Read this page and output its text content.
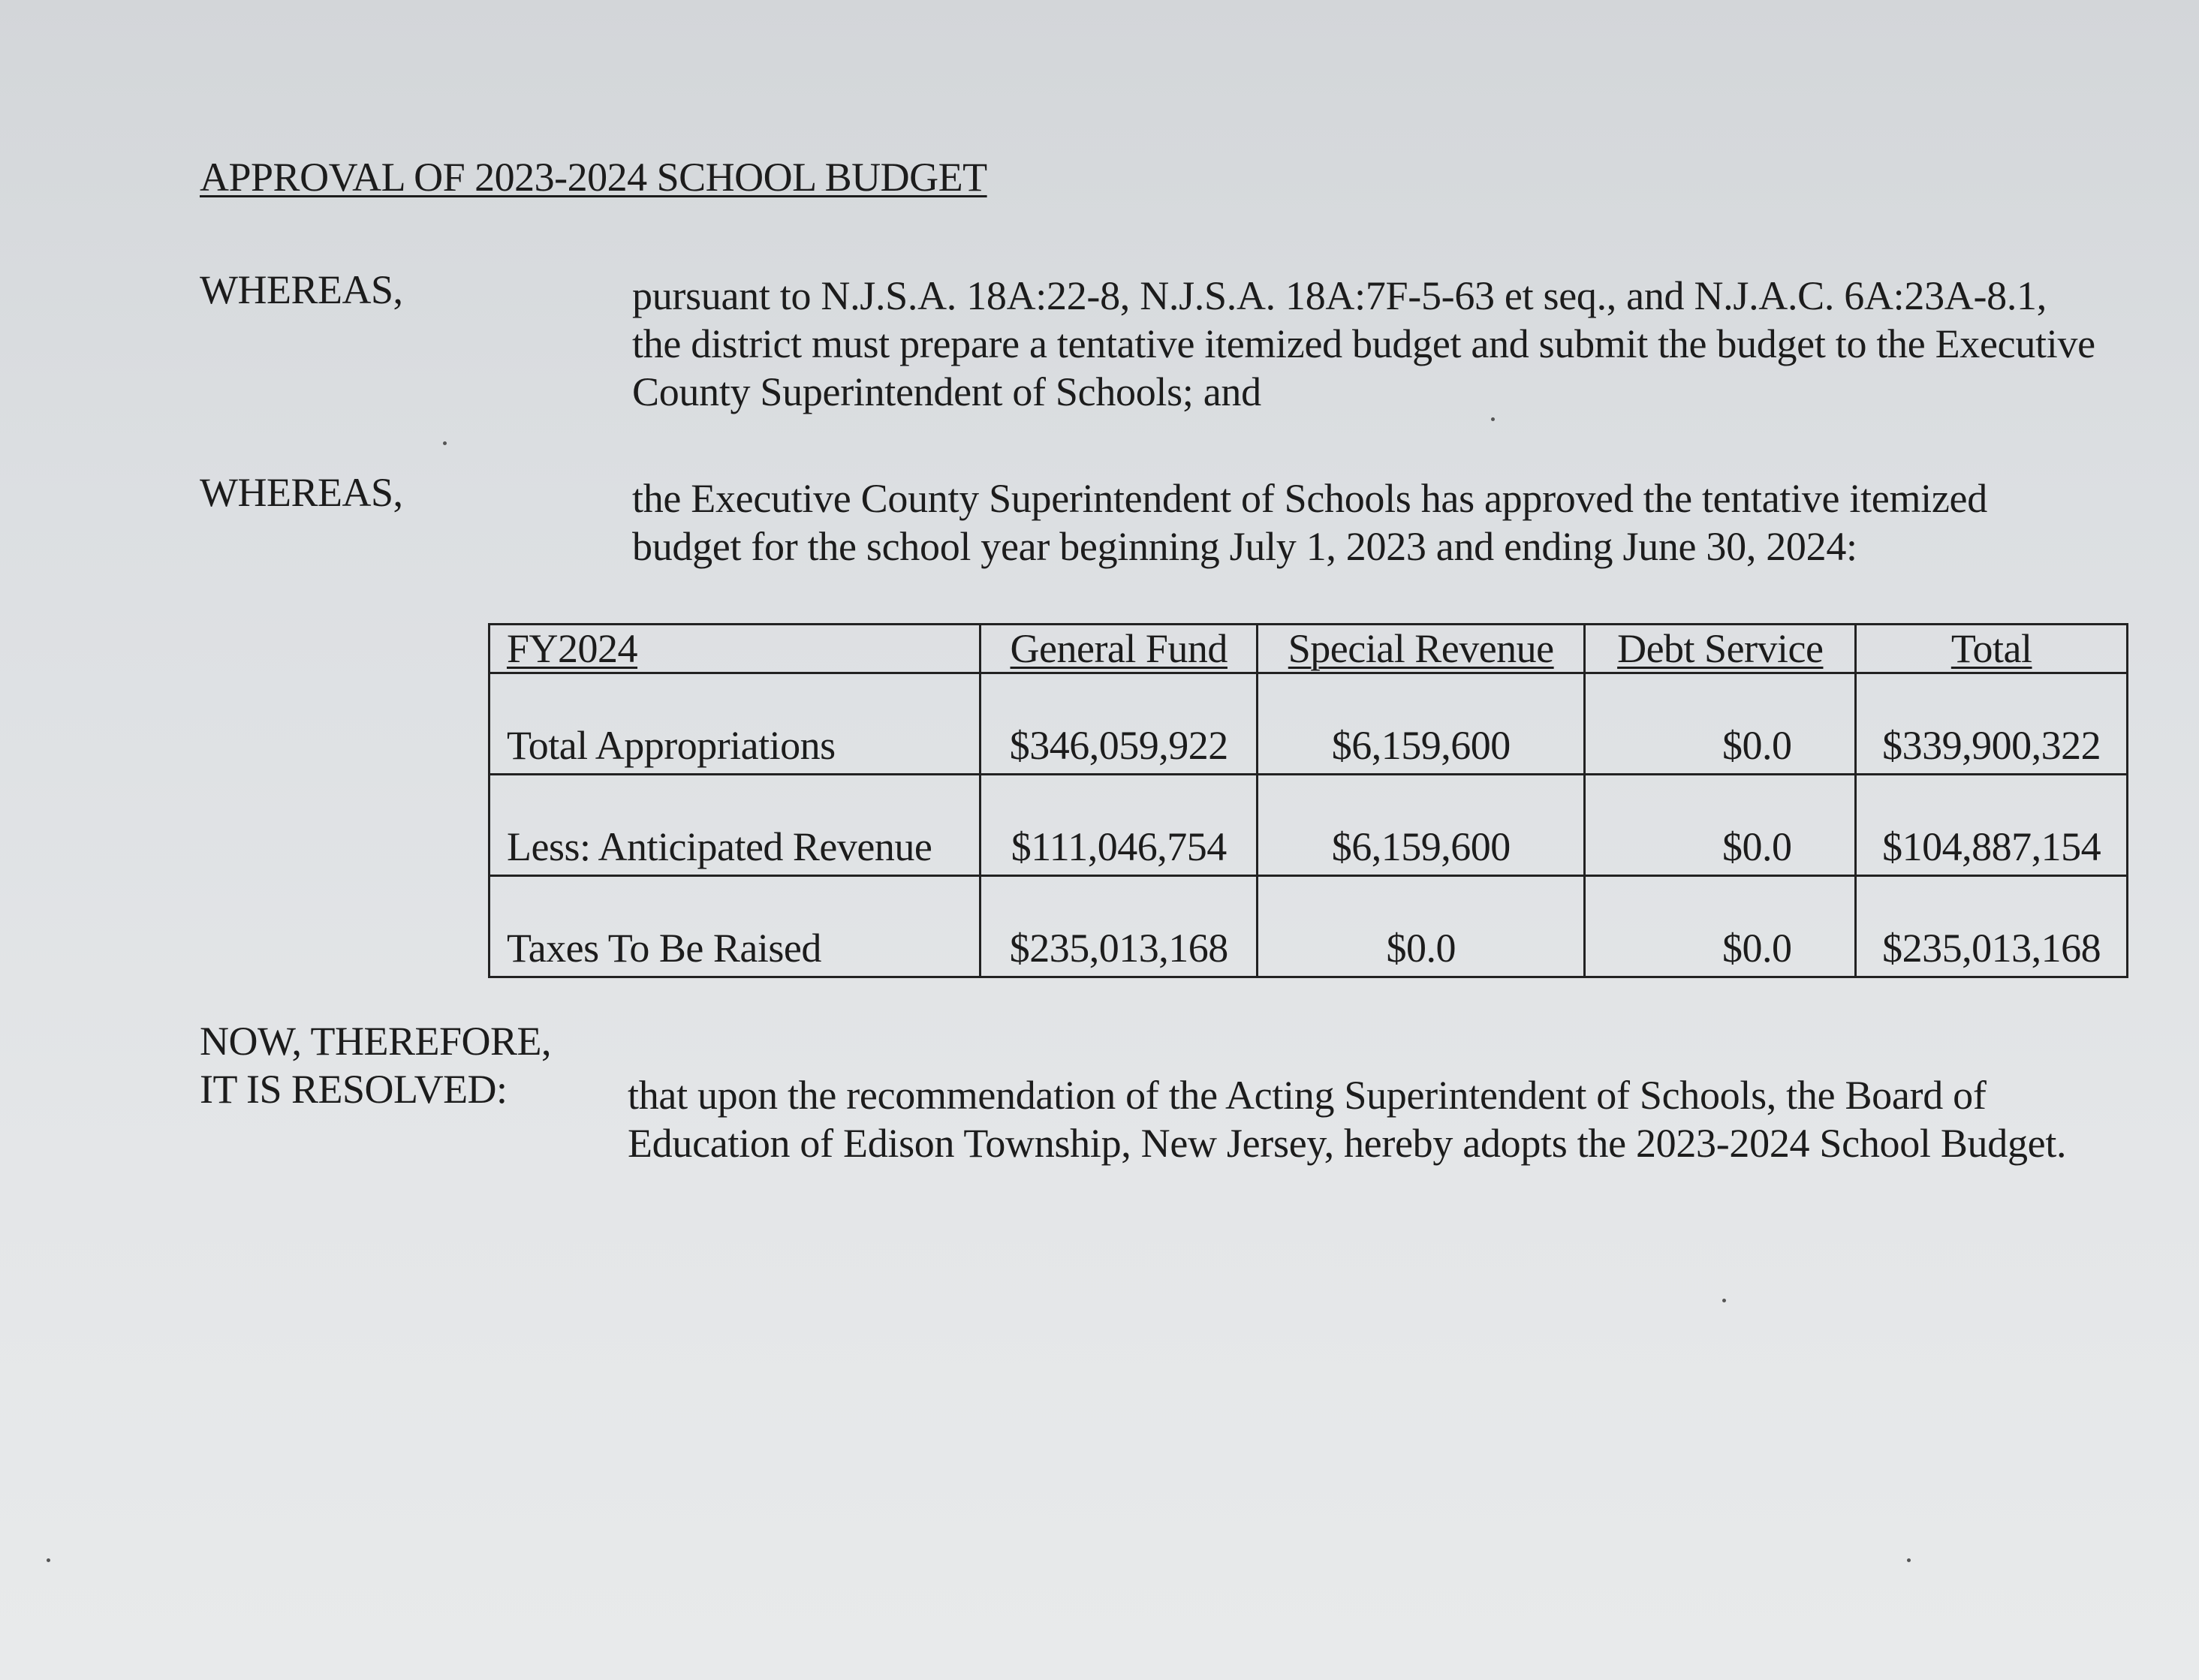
APPROVAL OF 2023-2024 SCHOOL BUDGET
WHEREAS,	pursuant to N.J.S.A. 18A:22-8, N.J.S.A. 18A:7F-5-63 et seq., and N.J.A.C. 6A:23A-8.1,
the district must prepare a tentative itemized budget and submit the budget to the Executive
County Superintendent of Schools; and
WHEREAS,	the Executive County Superintendent of Schools has approved the tentative itemized
budget for the school year beginning July 1, 2023 and ending June 30, 2024:
FY2024	General Fund	Special Revenue	Debt Service	Total
Total Appropriations	$346,059,922	$6,159,600	$0.0	$339,900,322
Less: Anticipated Revenue	$111,046,754	$6,159,600	$0.0	$104,887,154
Taxes To Be Raised	$235,013,168	$0.0	$0.0	$235,013,168
NOW, THEREFORE,
IT IS RESOLVED:	that upon the recommendation of the Acting Superintendent of Schools, the Board of
Education of Edison Township, New Jersey, hereby adopts the 2023-2024 School Budget.
